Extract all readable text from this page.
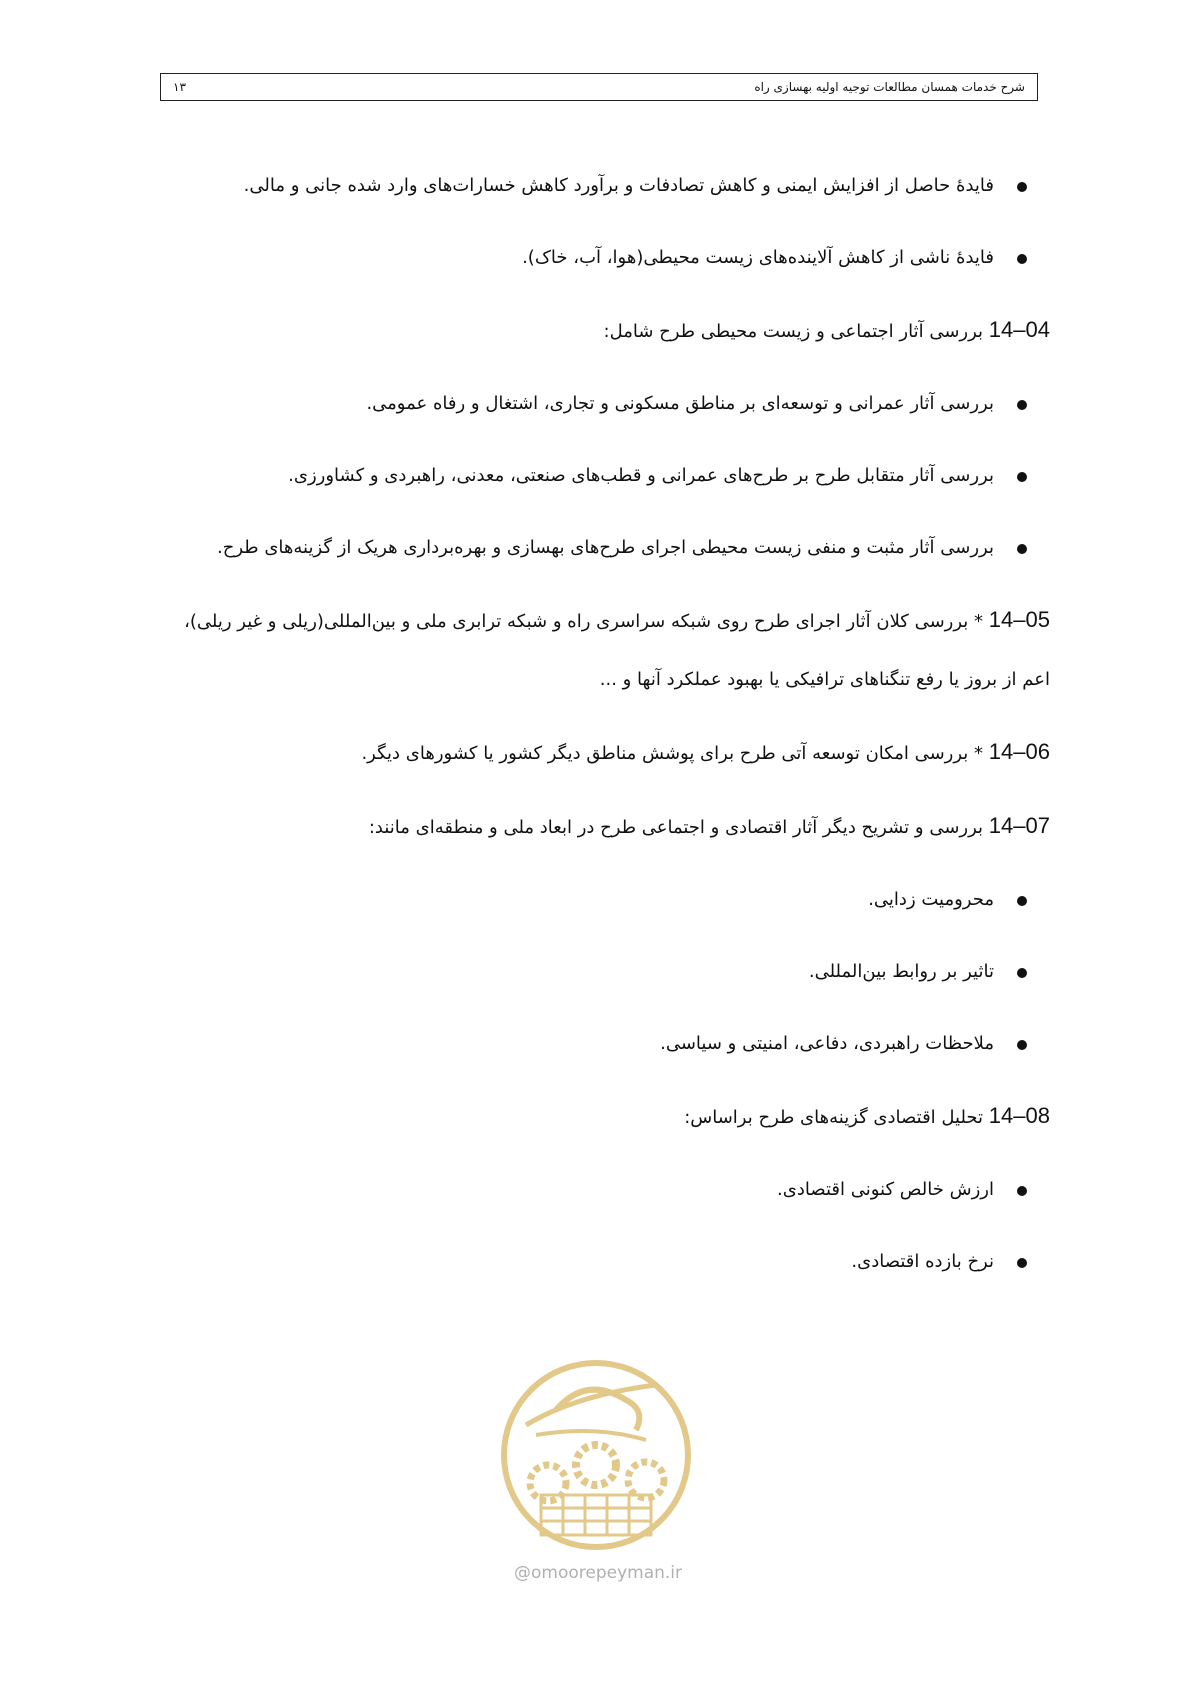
۱۳	شرح خدمات همسان مطالعات توجیه اولیه بهسازی راه
فایدهٔ حاصل از افزایش ایمنی و کاهش تصادفات و برآورد کاهش خسارات‌های وارد شده جانی و مالی.
فایدهٔ ناشی از کاهش آلاینده‌های زیست محیطی(هوا، آب، خاک).
04–14 بررسی آثار اجتماعی و زیست محیطی طرح شامل:
بررسی آثار عمرانی و توسعه‌ای بر مناطق مسکونی و تجاری، اشتغال و رفاه عمومی.
بررسی آثار متقابل طرح بر طرح‌های عمرانی و قطب‌های صنعتی، معدنی، راهبردی و کشاورزی.
بررسی آثار مثبت و منفی زیست محیطی اجرای طرح‌های بهسازی و بهره‌برداری هریک از گزینه‌های طرح.
05–14 * بررسی کلان آثار اجرای طرح روی شبکه سراسری راه و شبکه ترابری ملی و بین‌المللی(ریلی و غیر ریلی)، اعم از بروز یا رفع تنگناهای ترافیکی یا بهبود عملکرد آنها و ...
06–14 * بررسی امکان توسعه آتی طرح برای پوشش مناطق دیگر کشور یا کشورهای دیگر.
07–14 بررسی و تشریح دیگر آثار اقتصادی و اجتماعی طرح در ابعاد ملی و منطقه‌ای مانند:
محرومیت زدایی.
تاثیر بر روابط بین‌المللی.
ملاحظات راهبردی، دفاعی، امنیتی و سیاسی.
08–14 تحلیل اقتصادی گزینه‌های طرح براساس:
ارزش خالص کنونی اقتصادی.
نرخ بازده اقتصادی.
@omoorepeyman.ir
